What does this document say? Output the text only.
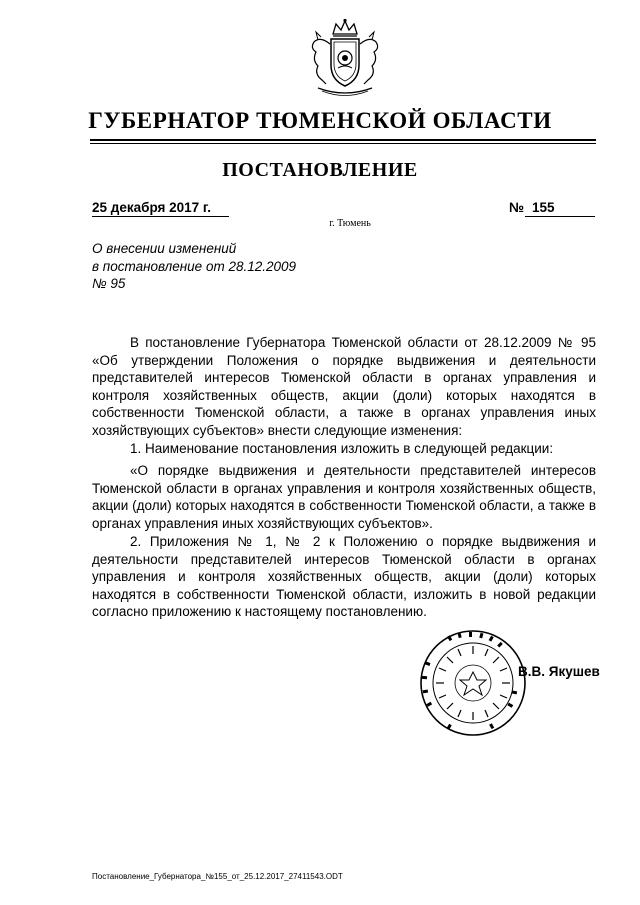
ГУБЕРНАТОР ТЮМЕНСКОЙ ОБЛАСТИ
ПОСТАНОВЛЕНИЕ
25 декабря 2017 г.	№ 155
г. Тюмень
О внесении изменений
в постановление от 28.12.2009
№ 95
В постановление Губернатора Тюменской области от 28.12.2009 № 95 «Об утверждении Положения о порядке выдвижения и деятельности представителей интересов Тюменской области в органах управления и контроля хозяйственных обществ, акции (доли) которых находятся в собственности Тюменской области, а также в органах управления иных хозяйствующих субъектов» внести следующие изменения:
1. Наименование постановления изложить в следующей редакции:
«О порядке выдвижения и деятельности представителей интересов Тюменской области в органах управления и контроля хозяйственных обществ, акции (доли) которых находятся в собственности Тюменской области, а также в органах управления иных хозяйствующих субъектов».
2. Приложения № 1, № 2 к Положению о порядке выдвижения и деятельности представителей интересов Тюменской области в органах управления и контроля хозяйственных обществ, акции (доли) которых находятся в собственности Тюменской области, изложить в новой редакции согласно приложению к настоящему постановлению.
В.В. Якушев
Постановление_Губернатора_№155_от_25.12.2017_27411543.ODT
